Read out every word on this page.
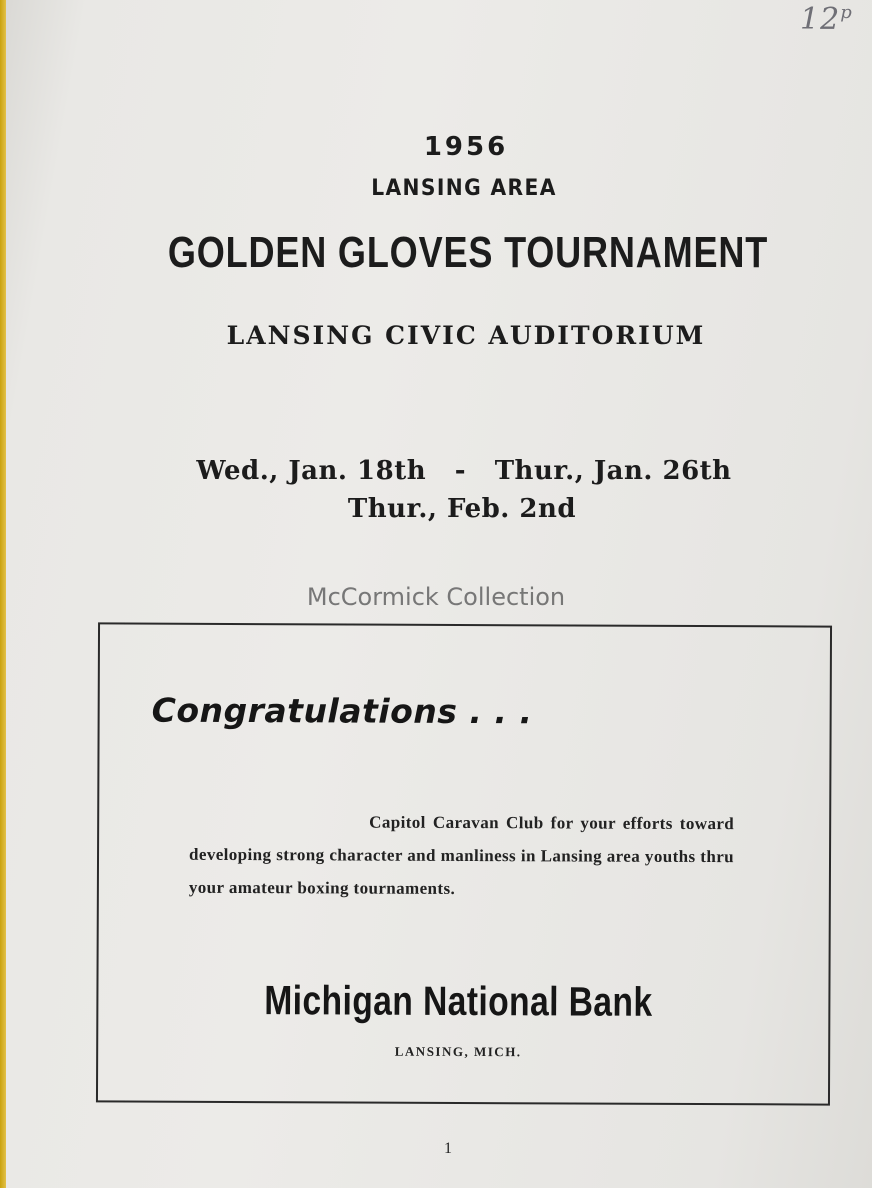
12$^p$
1956
LANSING AREA
GOLDEN GLOVES TOURNAMENT
LANSING CIVIC AUDITORIUM
Wed., Jan. 18th   -   Thur., Jan. 26th
Thur., Feb. 2nd
McCormick Collection
Congratulations . . .
Capitol Caravan Club for your efforts toward developing strong character and manliness in Lansing area youths thru your amateur boxing tournaments.
Michigan National Bank
LANSING, MICH.
1
